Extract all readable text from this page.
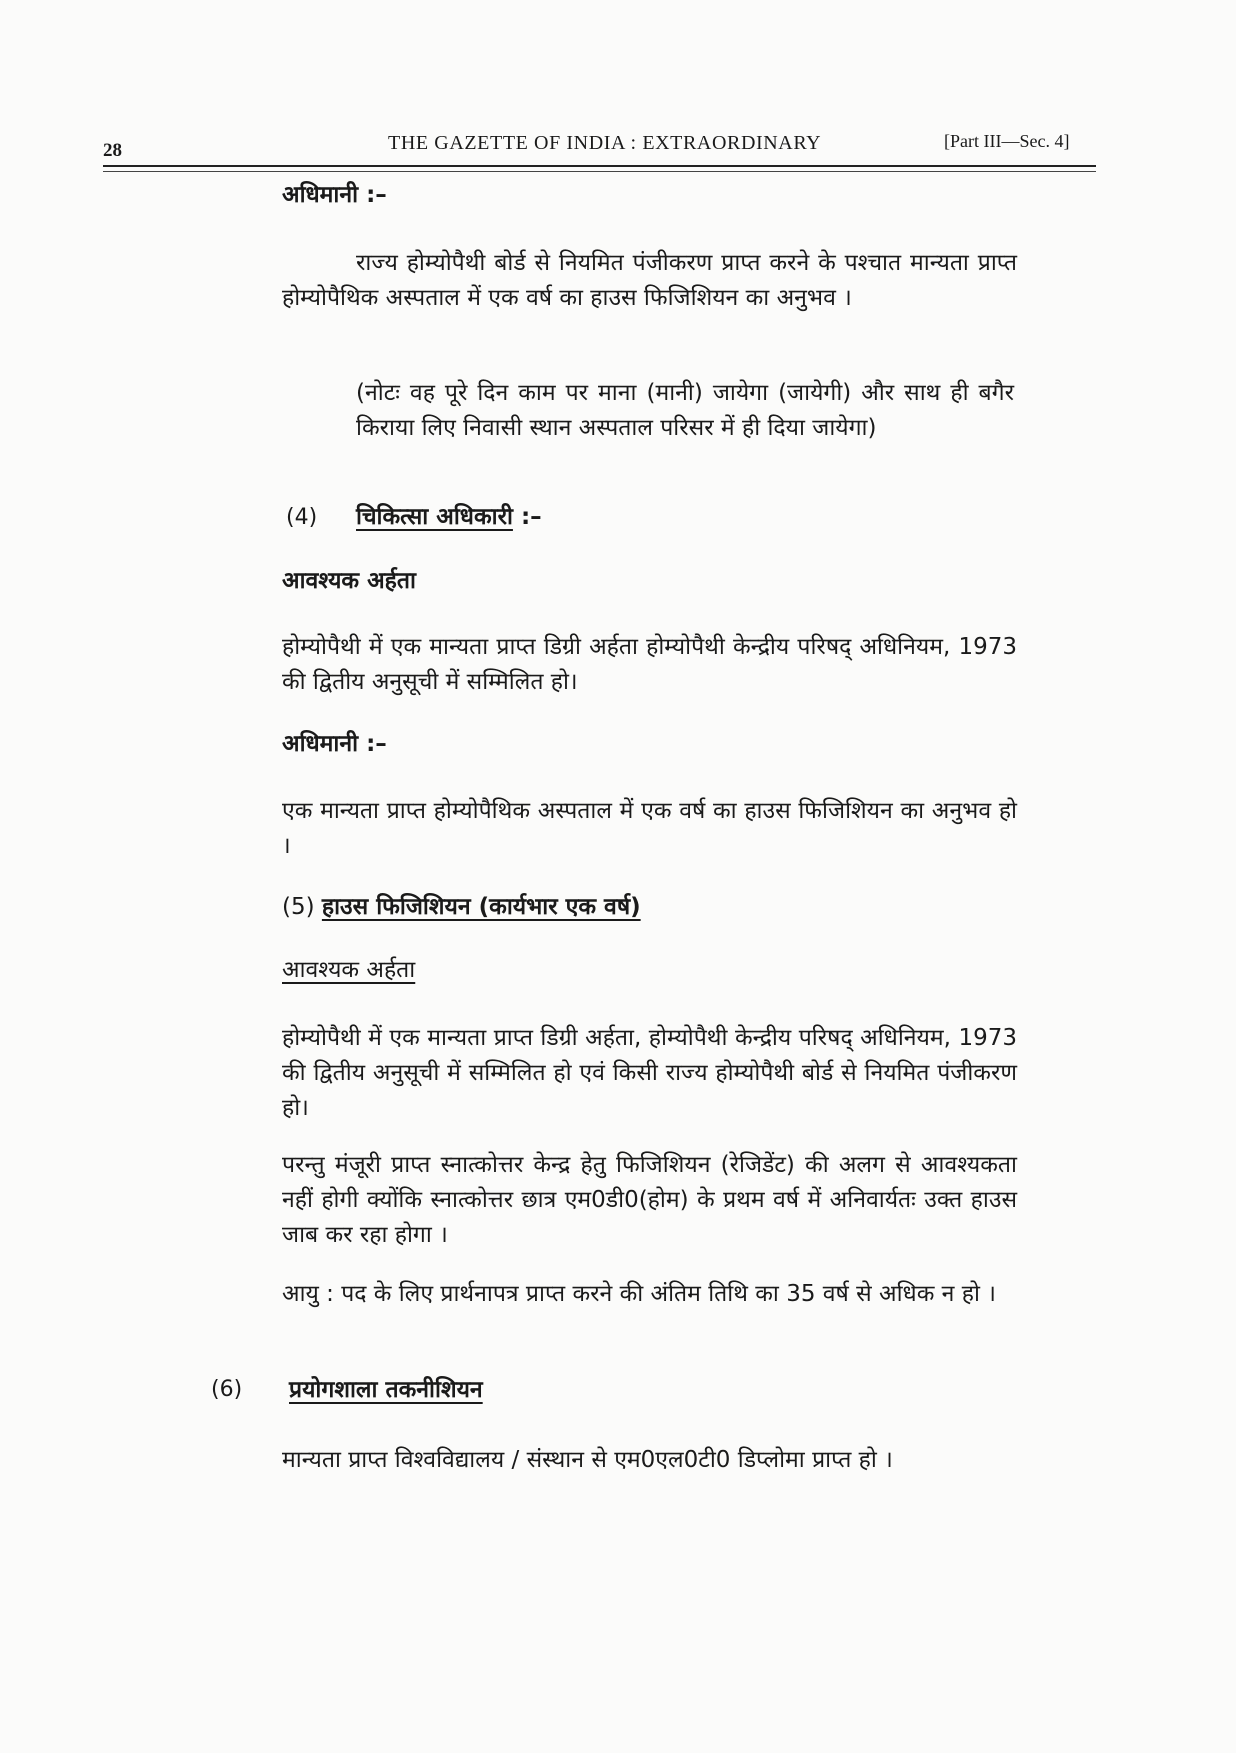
28	THE GAZETTE OF INDIA : EXTRAORDINARY	[Part III—Sec. 4]
अधिमानी :–
राज्य होम्योपैथी बोर्ड से नियमित पंजीकरण प्राप्त करने के पश्चात मान्यता प्राप्त होम्योपैथिक अस्पताल में एक वर्ष का हाउस फिजिशियन का अनुभव ।
(नोटः वह पूरे दिन काम पर माना (मानी) जायेगा (जायेगी) और साथ ही बगैर किराया लिए निवासी स्थान अस्पताल परिसर में ही दिया जायेगा)
(4) चिकित्सा अधिकारी :–
आवश्यक अर्हता
होम्योपैथी में एक मान्यता प्राप्त डिग्री अर्हता होम्योपैथी केन्द्रीय परिषद् अधिनियम, 1973 की द्वितीय अनुसूची में सम्मिलित हो।
अधिमानी :–
एक मान्यता प्राप्त होम्योपैथिक अस्पताल में एक वर्ष का हाउस फिजिशियन का अनुभव हो ।
(5) हाउस फिजिशियन (कार्यभार एक वर्ष)
आवश्यक अर्हता
होम्योपैथी में एक मान्यता प्राप्त डिग्री अर्हता, होम्योपैथी केन्द्रीय परिषद् अधिनियम, 1973 की द्वितीय अनुसूची में सम्मिलित हो एवं किसी राज्य होम्योपैथी बोर्ड से नियमित पंजीकरण हो।
परन्तु मंजूरी प्राप्त स्नात्कोत्तर केन्द्र हेतु फिजिशियन (रेजिडेंट) की अलग से आवश्यकता नहीं होगी क्योंकि स्नात्कोत्तर छात्र एम0डी0(होम) के प्रथम वर्ष में अनिवार्यतः उक्त हाउस जाब कर रहा होगा ।
आयु : पद के लिए प्रार्थनापत्र प्राप्त करने की अंतिम तिथि का 35 वर्ष से अधिक न हो ।
(6) प्रयोगशाला तकनीशियन
मान्यता प्राप्त विश्वविद्यालय / संस्थान से एम0एल0टी0 डिप्लोमा प्राप्त हो ।
